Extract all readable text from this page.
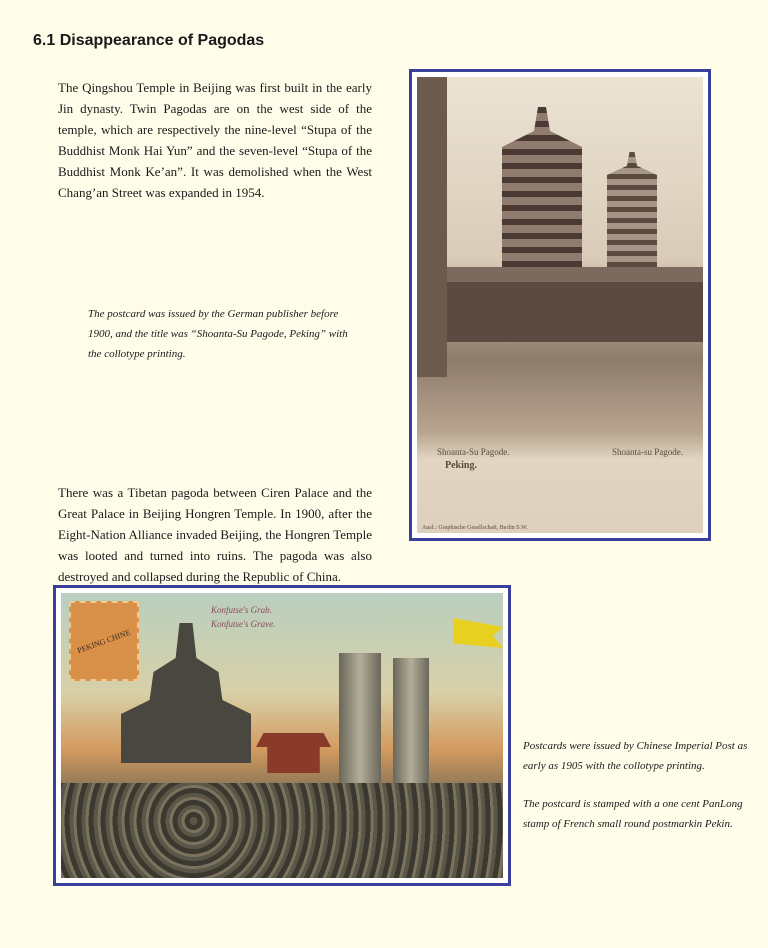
6.1 Disappearance of Pagodas
The Qingshou Temple in Beijing was first built in the early Jin dynasty. Twin Pagodas are on the west side of the temple, which are respectively the nine-level “Stupa of the Buddhist Monk Hai Yun” and the seven-level “Stupa of the Buddhist Monk Ke’an”. It was demolished when the West Chang’an Street was expanded in 1954.
The postcard was issued by the German publisher before 1900, and the title was “Shoanta-Su Pagode, Peking” with the collotype printing.
There was a Tibetan pagoda between Ciren Palace and the Great Palace in Beijing Hongren Temple. In 1900, after the Eight-Nation Alliance invaded Beijing, the Hongren Temple was looted and turned into ruins. The pagoda was also destroyed and collapsed during the Republic of China.
Shoanta-Su Pagode.
Peking.
Shoanta-su Pagode.
Ausf.: Graphische Gesellschaft, Berlin S.W.
PEKING CHINE
Konfutse's Grab.
Konfutse's Grave.

Postcards were issued by Chinese Imperial Post as early as 1905 with the collotype printing.

The postcard is stamped with a one cent PanLong stamp of French small round postmarkin Pekin.
